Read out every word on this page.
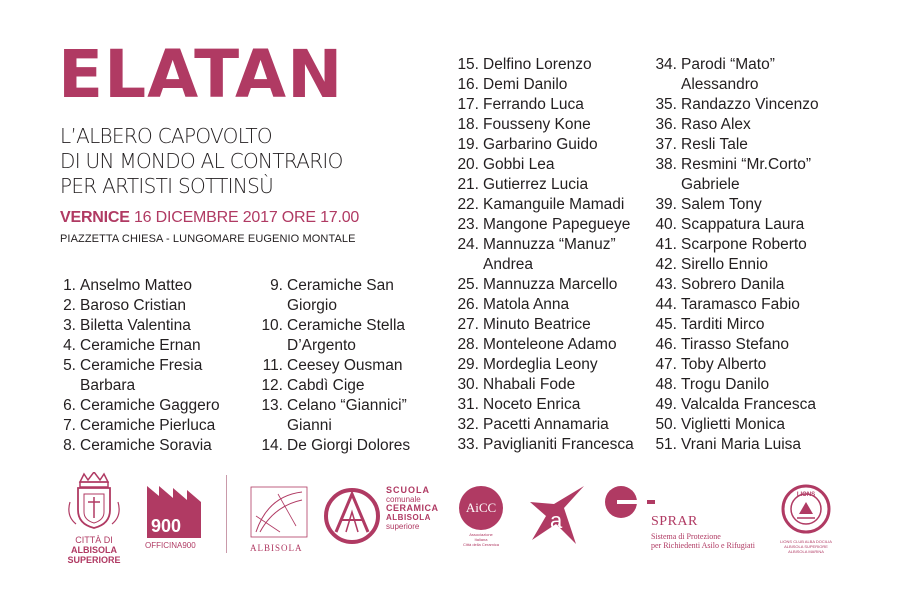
ELATAN
L’ALBERO CAPOVOLTO
DI UN MONDO AL CONTRARIO
PER ARTISTI SOTTINSÙ
VERNICE 16 DICEMBRE 2017 ORE 17.00
PIAZZETTA CHIESA - LUNGOMARE EUGENIO MONTALE
1. Anselmo Matteo
2. Baroso Cristian
3. Biletta Valentina
4. Ceramiche Ernan
5. Ceramiche Fresia
Barbara
6. Ceramiche Gaggero
7. Ceramiche Pierluca
8. Ceramiche Soravia
9. Ceramiche San
Giorgio
10. Ceramiche Stella
D’Argento
11. Ceesey Ousman
12. Cabdì Cige
13. Celano “Giannici”
Gianni
14. De Giorgi Dolores
15. Delfino Lorenzo
16. Demi Danilo
17. Ferrando Luca
18. Fousseny Kone
19. Garbarino Guido
20. Gobbi Lea
21. Gutierrez Lucia
22. Kamanguile Mamadi
23. Mangone Papegueye
24. Mannuzza “Manuz”
Andrea
25. Mannuzza Marcello
26. Matola Anna
27. Minuto Beatrice
28. Monteleone Adamo
29. Mordeglia Leony
30. Nhabali Fode
31. Noceto Enrica
32. Pacetti Annamaria
33. Paviglianiti Francesca
34. Parodi “Mato”
Alessandro
35. Randazzo Vincenzo
36. Raso Alex
37. Resli Tale
38. Resmini “Mr.Corto”
Gabriele
39. Salem Tony
40. Scappatura Laura
41. Scarpone Roberto
42. Sirello Ennio
43. Sobrero Danila
44. Taramasco Fabio
45. Tarditi Mirco
46. Tirasso Stefano
47. Toby Alberto
48. Trogu Danilo
49. Valcalda Francesca
50. Viglietti Monica
51. Vrani Maria Luisa
CITTÀ DI
ALBISOLA
SUPERIORE
900
OFFICINA900	ALBISOLA
SCUOLA
comunale
CERAMICA
ALBISOLA
superiore
AiCC
Associazione
Italiana
Città della Ceramica
a	SPRAR
Sistema di Protezione
per Richiedenti Asilo e Rifugiati
LIONS
LIONS CLUB ALBA DOCILIA
ALBISOLA SUPERIORE
ALBISOLA MARINA
